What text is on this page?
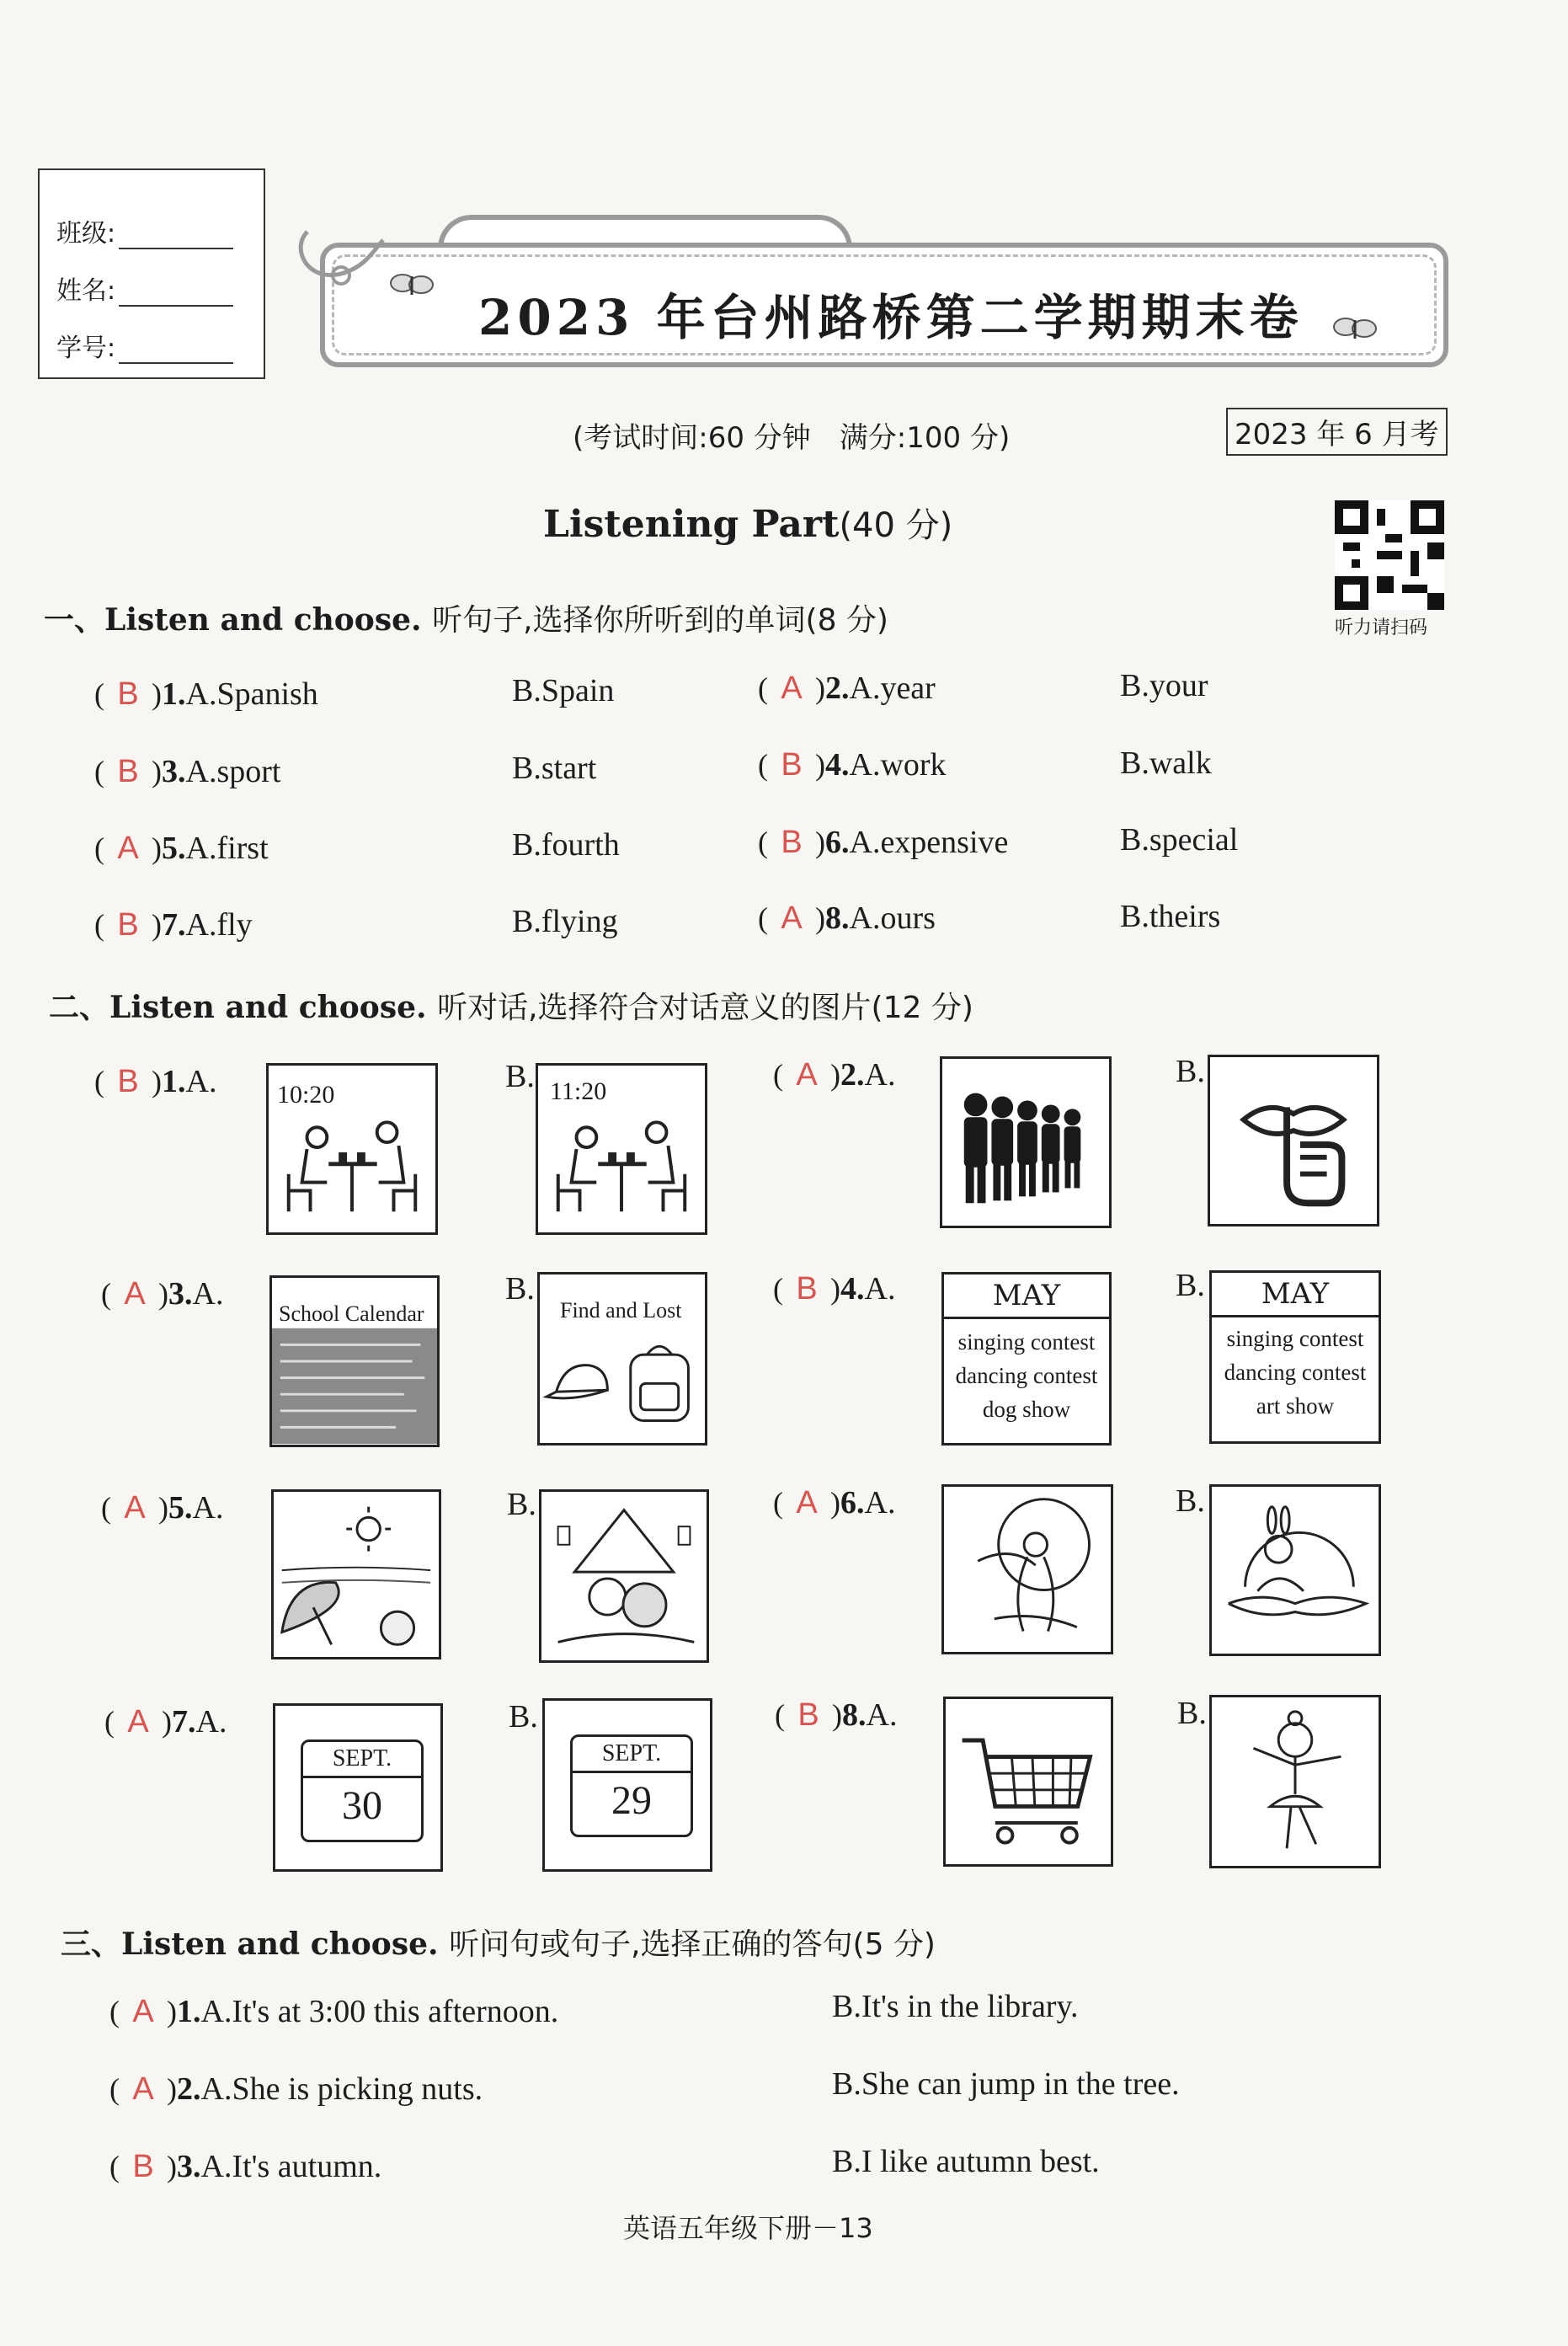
班级:
姓名:
学号:
2023 年台州路桥第二学期期末卷
(考试时间:60 分钟　满分:100 分)	2023 年 6 月考
Listening Part(40 分)
听力请扫码
一、Listen and choose. 听句子,选择你所听到的单词(8 分)
( B )1.A.Spanish	B.Spain	( A )2.A.year	B.your
( B )3.A.sport	B.start	( B )4.A.work	B.walk
( A )5.A.first	B.fourth	( B )6.A.expensive	B.special
( B )7.A.fly	B.flying	( A )8.A.ours	B.theirs
二、Listen and choose. 听对话,选择符合对话意义的图片(12 分)
( B )1.A.	B.	( A )2.A.	B.
( A )3.A.	B.	( B )4.A.	B.
( A )5.A.	B.	( A )6.A.	B.
( A )7.A.	B.	( B )8.A.	B.
10:20	11:20
School Calendar	Find and Lost	MAY
singing contest
dancing contest
dog show
MAY
singing contest
dancing contest
art show
SEPT.
30
SEPT.
29
三、Listen and choose. 听问句或句子,选择正确的答句(5 分)
( A )1.A.It's at 3:00 this afternoon.	B.It's in the library.
( A )2.A.She is picking nuts.	B.She can jump in the tree.
( B )3.A.It's autumn.	B.I like autumn best.
英语五年级下册－13
